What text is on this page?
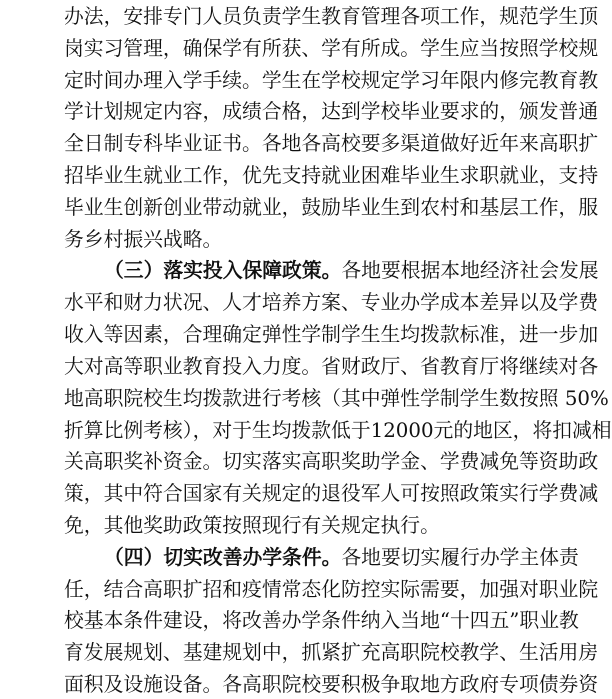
办法，安排专门人员负责学生教育管理各项工作，规范学生顶
岗实习管理，确保学有所获、学有所成。学生应当按照学校规
定时间办理入学手续。学生在学校规定学习年限内修完教育教
学计划规定内容，成绩合格，达到学校毕业要求的，颁发普通
全日制专科毕业证书。各地各高校要多渠道做好近年来高职扩
招毕业生就业工作，优先支持就业困难毕业生求职就业，支持
毕业生创新创业带动就业，鼓励毕业生到农村和基层工作，服
务乡村振兴战略。
（三）落实投入保障政策。各地要根据本地经济社会发展
水平和财力状况、人才培养方案、专业办学成本差异以及学费
收入等因素，合理确定弹性学制学生生均拨款标准，进一步加
大对高等职业教育投入力度。省财政厅、省教育厅将继续对各
地高职院校生均拨款进行考核（其中弹性学制学生数按照 50%
折算比例考核），对于生均拨款低于12000元的地区，将扣减相
关高职奖补资金。切实落实高职奖助学金、学费减免等资助政
策，其中符合国家有关规定的退役军人可按照政策实行学费减
免，其他奖助政策按照现行有关规定执行。
（四）切实改善办学条件。各地要切实履行办学主体责
任，结合高职扩招和疫情常态化防控实际需要，加强对职业院
校基本条件建设，将改善办学条件纳入当地“十四五”职业教
育发展规划、基建规划中，抓紧扩充高职院校教学、生活用房
面积及设施设备。各高职院校要积极争取地方政府专项债券资
